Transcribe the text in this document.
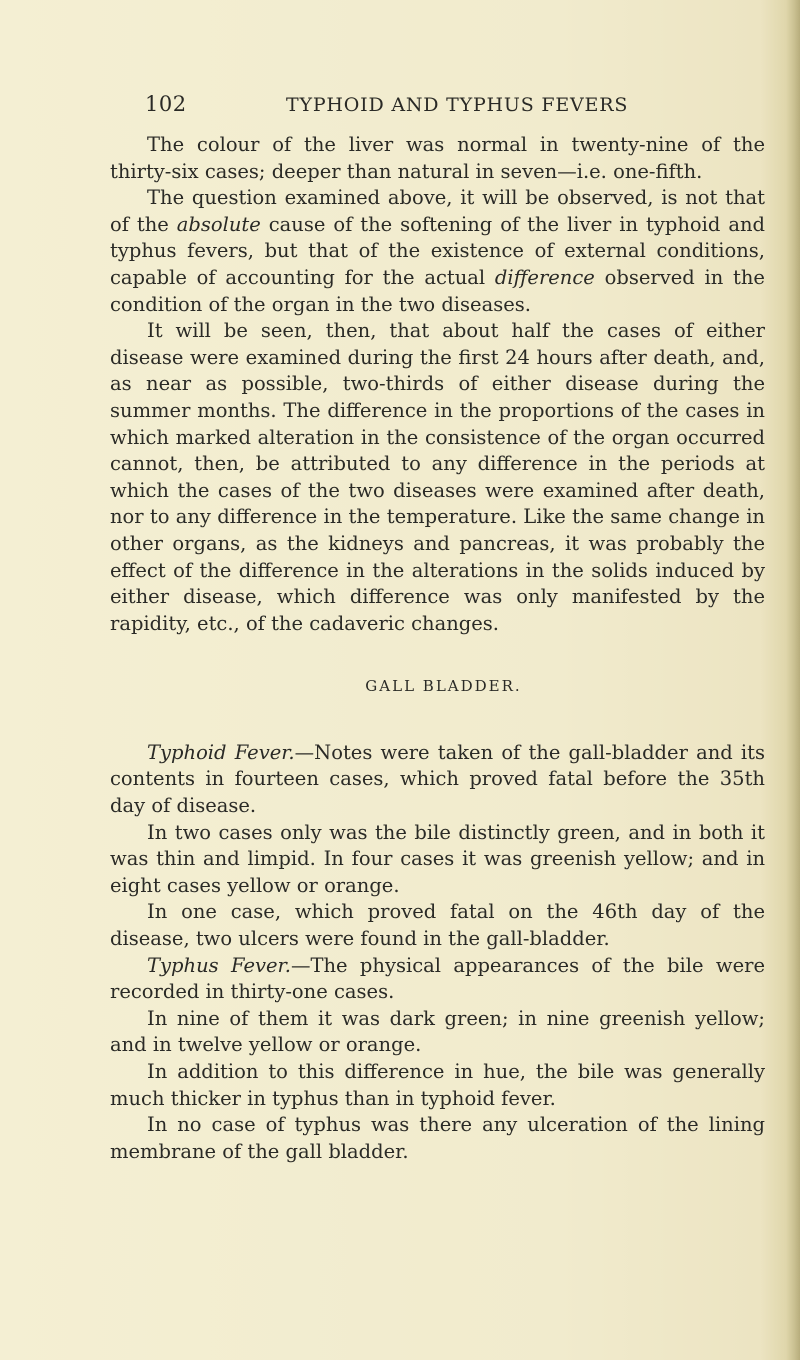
102	TYPHOID AND TYPHUS FEVERS

The colour of the liver was normal in twenty-nine of the thirty-six cases; deeper than natural in seven—i.e. one-fifth.

The question examined above, it will be observed, is not that of the absolute cause of the softening of the liver in typhoid and typhus fevers, but that of the existence of external conditions, capable of accounting for the actual difference observed in the condition of the organ in the two diseases.

It will be seen, then, that about half the cases of either disease were examined during the first 24 hours after death, and, as near as possible, two-thirds of either disease during the summer months. The difference in the proportions of the cases in which marked alteration in the consistence of the organ occurred cannot, then, be attributed to any difference in the periods at which the cases of the two diseases were examined after death, nor to any difference in the temperature. Like the same change in other organs, as the kidneys and pancreas, it was probably the effect of the difference in the alterations in the solids induced by either disease, which difference was only manifested by the rapidity, etc., of the cadaveric changes.

GALL BLADDER.

Typhoid Fever.—Notes were taken of the gall-bladder and its contents in fourteen cases, which proved fatal before the 35th day of disease.

In two cases only was the bile distinctly green, and in both it was thin and limpid. In four cases it was greenish yellow; and in eight cases yellow or orange.

In one case, which proved fatal on the 46th day of the disease, two ulcers were found in the gall-bladder.

Typhus Fever.—The physical appearances of the bile were recorded in thirty-one cases.

In nine of them it was dark green; in nine greenish yellow; and in twelve yellow or orange.

In addition to this difference in hue, the bile was generally much thicker in typhus than in typhoid fever.

In no case of typhus was there any ulceration of the lining membrane of the gall bladder.
